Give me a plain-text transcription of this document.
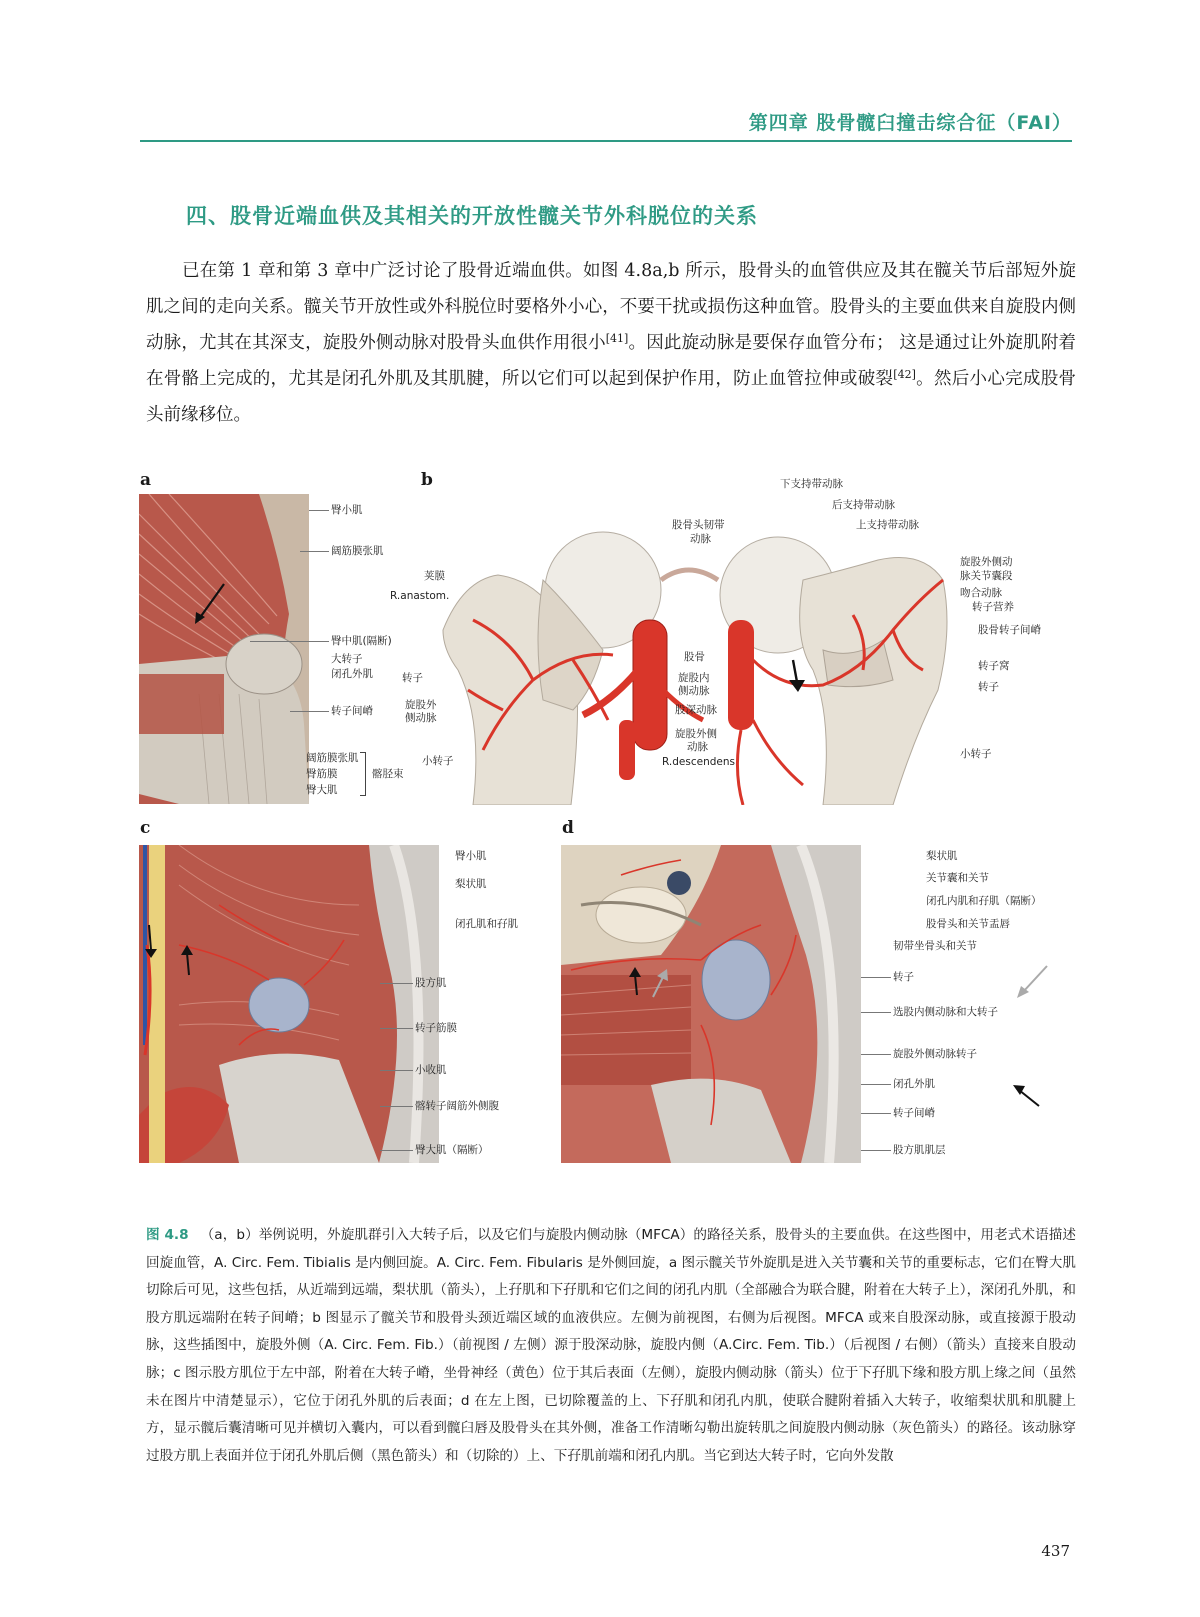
第四章 股骨髋臼撞击综合征（FAI）
四、股骨近端血供及其相关的开放性髋关节外科脱位的关系

已在第 1 章和第 3 章中广泛讨论了股骨近端血供。如图 4.8a,b 所示，股骨头的血管供应及其在髋关节后部短外旋肌之间的走向关系。髋关节开放性或外科脱位时要格外小心，不要干扰或损伤这种血管。股骨头的主要血供来自旋股内侧动脉，尤其在其深支，旋股外侧动脉对股骨头血供作用很小[41]。因此旋动脉是要保存血管分布； 这是通过让外旋肌附着在骨骼上完成的，尤其是闭孔外肌及其肌腱，所以它们可以起到保护作用，防止血管拉伸或破裂[42]。然后小心完成股骨头前缘移位。

a
臀小肌
阔筋膜张肌
臀中肌(隔断)
大转子
闭孔外肌
转子间嵴
阔筋膜张肌
臀筋膜
臀大肌
髂胫束
b	下支持带动脉
后支持带动脉
上支持带动脉
股骨头韧带
动脉
荚膜
R.anastom.
转子
旋股外
侧动脉
小转子
股骨
旋股内
侧动脉
股深动脉
旋股外侧
动脉
R.descendens
旋股外侧动
脉关节囊段
吻合动脉
转子营养
股骨转子间嵴
转子窝
转子
小转子
c
臀小肌
梨状肌
闭孔肌和孖肌
股方肌
转子筋膜
小收肌
髂转子阔筋外侧腹
臀大肌（隔断）
d
梨状肌
关节囊和关节
闭孔内肌和孖肌（隔断）
股骨头和关节盂唇
韧带坐骨头和关节
转子
选股内侧动脉和大转子
旋股外侧动脉转子
闭孔外肌
转子间嵴
股方肌肌层
图 4.8 （a，b）举例说明，外旋肌群引入大转子后，以及它们与旋股内侧动脉（MFCA）的路径关系，股骨头的主要血供。在这些图中，用老式术语描述回旋血管，A. Circ. Fem. Tibialis 是内侧回旋。A. Circ. Fem. Fibularis 是外侧回旋，a 图示髋关节外旋肌是进入关节囊和关节的重要标志，它们在臀大肌切除后可见，这些包括，从近端到远端，梨状肌（箭头），上孖肌和下孖肌和它们之间的闭孔内肌（全部融合为联合腱，附着在大转子上），深闭孔外肌，和股方肌远端附在转子间嵴；b 图显示了髋关节和股骨头颈近端区域的血液供应。左侧为前视图，右侧为后视图。MFCA 或来自股深动脉，或直接源于股动脉，这些插图中，旋股外侧（A. Circ. Fem. Fib.）（前视图 / 左侧）源于股深动脉，旋股内侧（A.Circ. Fem. Tib.）（后视图 / 右侧）（箭头）直接来自股动脉；c 图示股方肌位于左中部，附着在大转子嵴，坐骨神经（黄色）位于其后表面（左侧），旋股内侧动脉（箭头）位于下孖肌下缘和股方肌上缘之间（虽然未在图片中清楚显示），它位于闭孔外肌的后表面；d 在左上图，已切除覆盖的上、下孖肌和闭孔内肌，使联合腱附着插入大转子，收缩梨状肌和肌腱上方，显示髋后囊清晰可见并横切入囊内，可以看到髋臼唇及股骨头在其外侧，准备工作清晰勾勒出旋转肌之间旋股内侧动脉（灰色箭头）的路径。该动脉穿过股方肌上表面并位于闭孔外肌后侧（黑色箭头）和（切除的）上、下孖肌前端和闭孔内肌。当它到达大转子时，它向外发散
437
